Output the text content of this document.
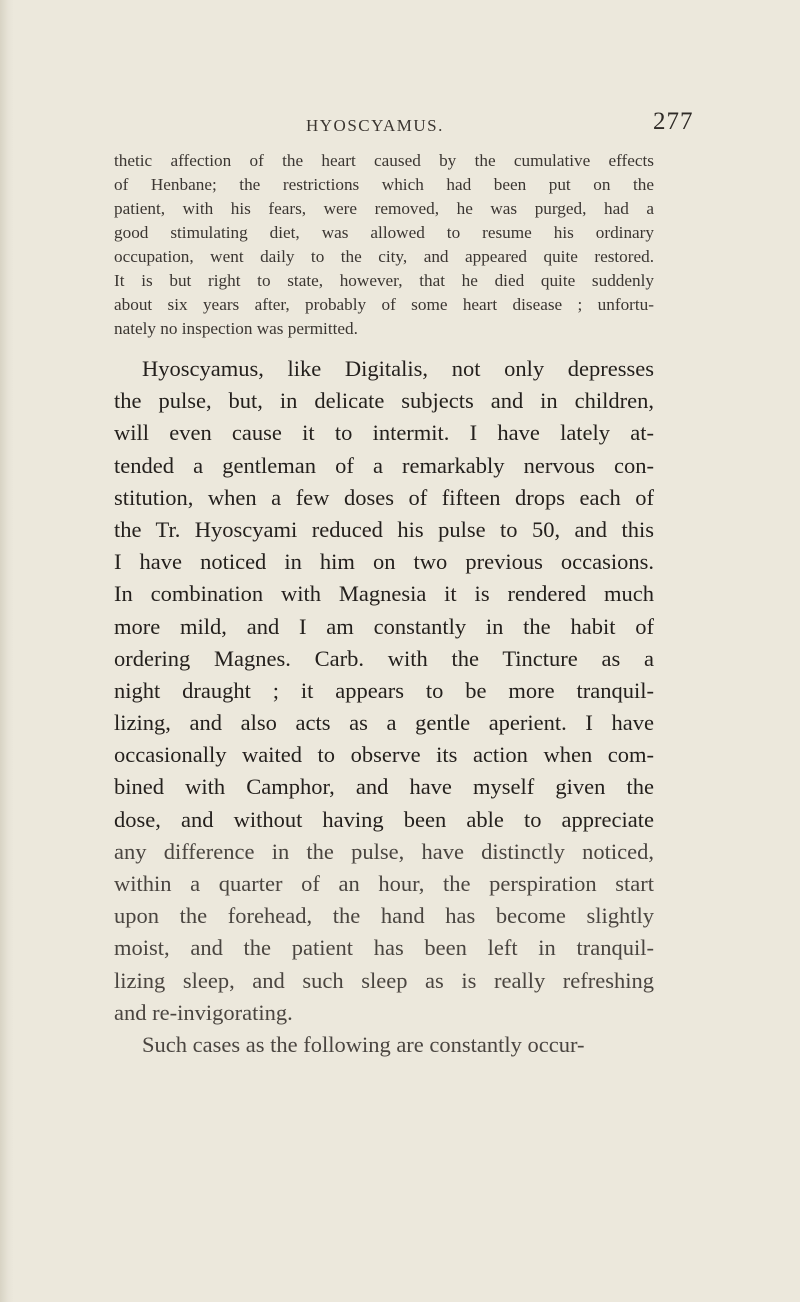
HYOSCYAMUS.	277
thetic affection of the heart caused by the cumulative effects
of Henbane; the restrictions which had been put on the
patient, with his fears, were removed, he was purged, had a
good stimulating diet, was allowed to resume his ordinary
occupation, went daily to the city, and appeared quite restored.
It is but right to state, however, that he died quite suddenly
about six years after, probably of some heart disease ; unfortu-
nately no inspection was permitted.
Hyoscyamus, like Digitalis, not only depresses
the pulse, but, in delicate subjects and in children,
will even cause it to intermit. I have lately at-
tended a gentleman of a remarkably nervous con-
stitution, when a few doses of fifteen drops each of
the Tr. Hyoscyami reduced his pulse to 50, and this
I have noticed in him on two previous occasions.
In combination with Magnesia it is rendered much
more mild, and I am constantly in the habit of
ordering Magnes. Carb. with the Tincture as a
night draught ; it appears to be more tranquil-
lizing, and also acts as a gentle aperient. I have
occasionally waited to observe its action when com-
bined with Camphor, and have myself given the
dose, and without having been able to appreciate
any difference in the pulse, have distinctly noticed,
within a quarter of an hour, the perspiration start
upon the forehead, the hand has become slightly
moist, and the patient has been left in tranquil-
lizing sleep, and such sleep as is really refreshing
and re-invigorating.
Such cases as the following are constantly occur-
